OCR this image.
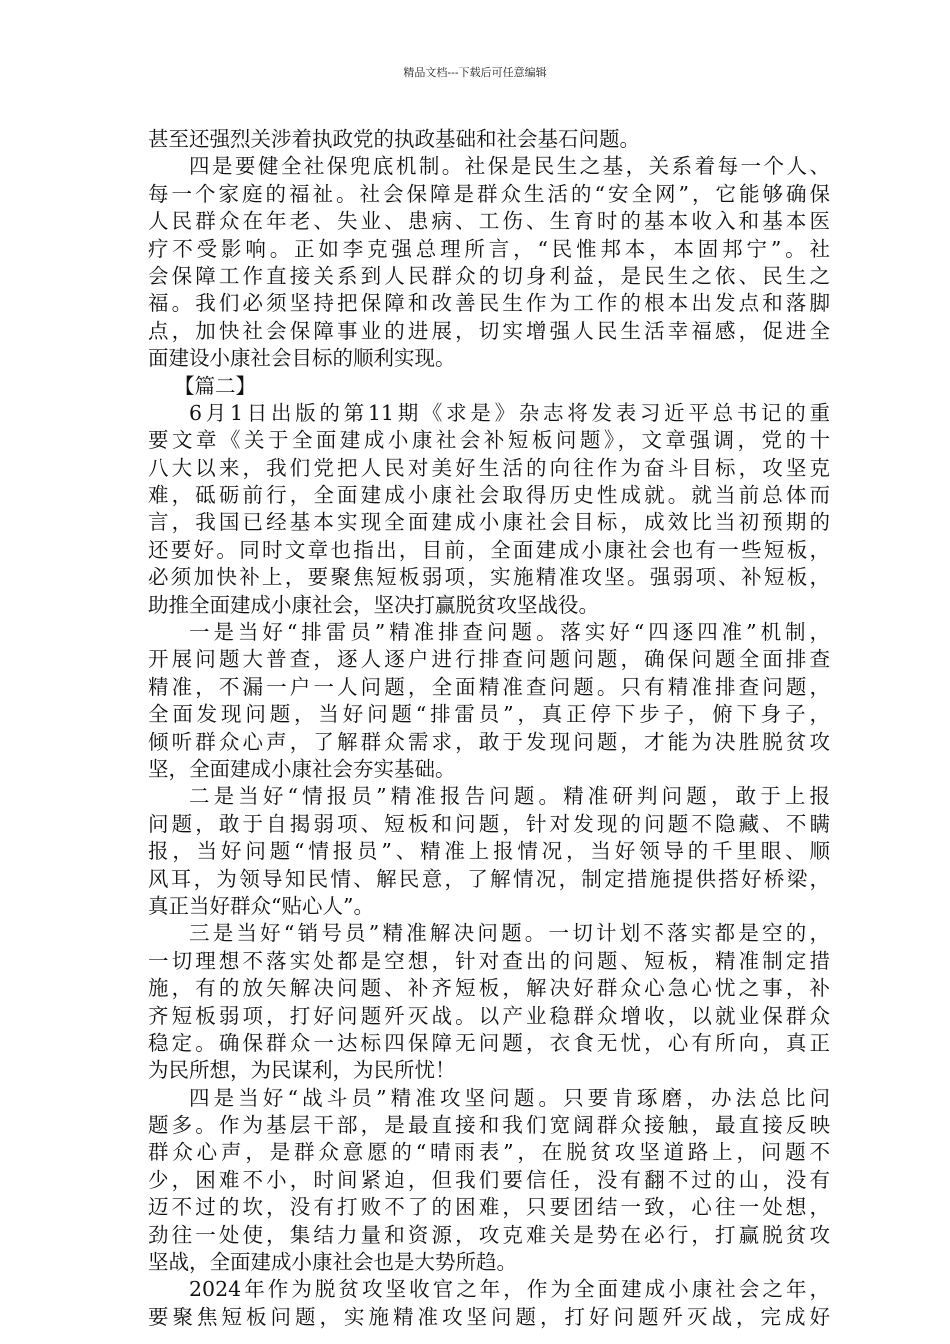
精品文档---下载后可任意编辑
甚至还强烈关涉着执政党的执政基础和社会基石问题。
四是要健全社保兜底机制。社保是民生之基，关系着每一个人、
每一个家庭的福祉。社会保障是群众生活的“安全网”，它能够确保
人民群众在年老、失业、患病、工伤、生育时的基本收入和基本医
疗不受影响。正如李克强总理所言，“民惟邦本，本固邦宁”。社
会保障工作直接关系到人民群众的切身利益，是民生之依、民生之
福。我们必须坚持把保障和改善民生作为工作的根本出发点和落脚
点，加快社会保障事业的进展，切实增强人民生活幸福感，促进全
面建设小康社会目标的顺利实现。
【篇二】
6月1日出版的第11期《求是》杂志将发表习近平总书记的重
要文章《关于全面建成小康社会补短板问题》，文章强调，党的十
八大以来，我们党把人民对美好生活的向往作为奋斗目标，攻坚克
难，砥砺前行，全面建成小康社会取得历史性成就。就当前总体而
言，我国已经基本实现全面建成小康社会目标，成效比当初预期的
还要好。同时文章也指出，目前，全面建成小康社会也有一些短板，
必须加快补上，要聚焦短板弱项，实施精准攻坚。强弱项、补短板，
助推全面建成小康社会，坚决打赢脱贫攻坚战役。
一是当好“排雷员”精准排查问题。落实好“四逐四准”机制，
开展问题大普查，逐人逐户进行排查问题问题，确保问题全面排查
精准，不漏一户一人问题，全面精准查问题。只有精准排查问题，
全面发现问题，当好问题“排雷员”，真正停下步子，俯下身子，
倾听群众心声，了解群众需求，敢于发现问题，才能为决胜脱贫攻
坚，全面建成小康社会夯实基础。
二是当好“情报员”精准报告问题。精准研判问题，敢于上报
问题，敢于自揭弱项、短板和问题，针对发现的问题不隐藏、不瞒
报，当好问题“情报员”、精准上报情况，当好领导的千里眼、顺
风耳，为领导知民情、解民意，了解情况，制定措施提供搭好桥梁，
真正当好群众“贴心人”。
三是当好“销号员”精准解决问题。一切计划不落实都是空的，
一切理想不落实处都是空想，针对查出的问题、短板，精准制定措
施，有的放矢解决问题、补齐短板，解决好群众心急心忧之事，补
齐短板弱项，打好问题歼灭战。以产业稳群众增收，以就业保群众
稳定。确保群众一达标四保障无问题，衣食无忧，心有所向，真正
为民所想，为民谋利，为民所忧！
四是当好“战斗员”精准攻坚问题。只要肯琢磨，办法总比问
题多。作为基层干部，是最直接和我们宽阔群众接触，最直接反映
群众心声，是群众意愿的“晴雨表”，在脱贫攻坚道路上，问题不
少，困难不小，时间紧迫，但我们要信任，没有翻不过的山，没有
迈不过的坎，没有打败不了的困难，只要团结一致，心往一处想，
劲往一处使，集结力量和资源，攻克难关是势在必行，打赢脱贫攻
坚战，全面建成小康社会也是大势所趋。
2024年作为脱贫攻坚收官之年，作为全面建成小康社会之年，
要聚焦短板问题，实施精准攻坚问题，打好问题歼灭战，完成好
